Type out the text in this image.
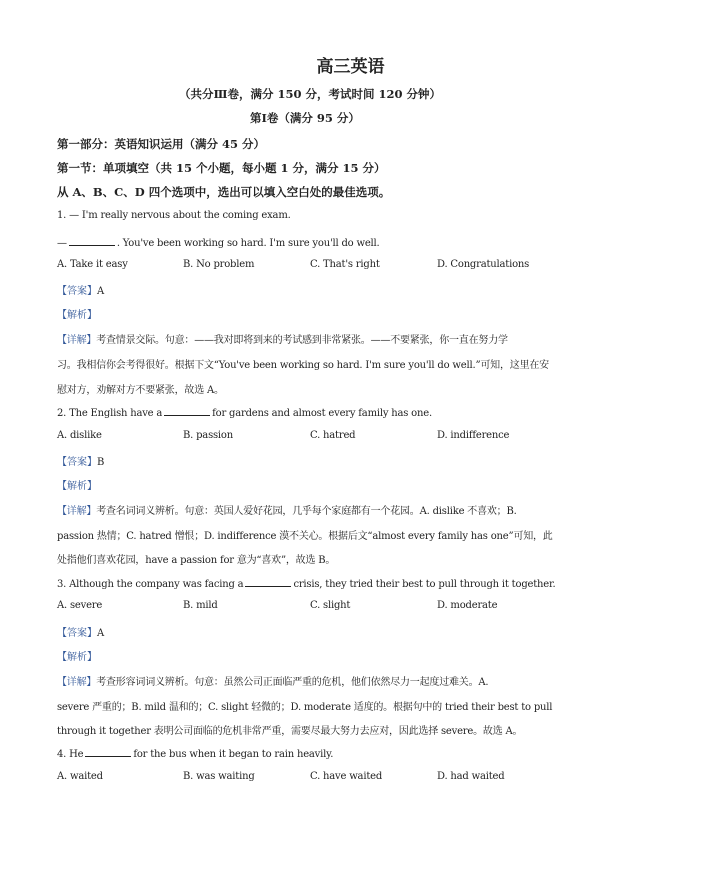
高三英语
（共分Ⅲ卷，满分 150 分，考试时间 120 分钟）
第Ⅰ卷（满分 95 分）
第一部分：英语知识运用（满分 45 分）
第一节：单项填空（共 15 个小题，每小题 1 分，满分 15 分）
从 A、B、C、D 四个选项中，选出可以填入空白处的最佳选项。
1. — I'm really nervous about the coming exam.
—	. You've been working so hard. I'm sure you'll do well.
A. Take it easy	B. No problem	C. That's right	D. Congratulations
【答案】A
【解析】
【详解】考查情景交际。句意：——我对即将到来的考试感到非常紧张。——不要紧张，你一直在努力学
习。我相信你会考得很好。根据下文“You've been working so hard. I'm sure you'll do well.”可知，这里在安
慰对方，劝解对方不要紧张，故选 A。
2. The English have a	for gardens and almost every family has one.
A. dislike	B. passion	C. hatred	D. indifference
【答案】B
【解析】
【详解】考查名词词义辨析。句意：英国人爱好花园，几乎每个家庭都有一个花园。A. dislike 不喜欢；B.
passion 热情；C. hatred 憎恨；D. indifference 漠不关心。根据后文“almost every family has one”可知，此
处指他们喜欢花园，have a passion for 意为“喜欢”，故选 B。
3. Although the company was facing a	crisis, they tried their best to pull through it together.
A. severe	B. mild	C. slight	D. moderate
【答案】A
【解析】
【详解】考查形容词词义辨析。句意：虽然公司正面临严重的危机，他们依然尽力一起度过难关。A.
severe 严重的；B. mild 温和的；C. slight 轻微的；D. moderate 适度的。根据句中的 tried their best to pull
through it together 表明公司面临的危机非常严重，需要尽最大努力去应对，因此选择 severe。故选 A。
4. He	for the bus when it began to rain heavily.
A. waited	B. was waiting	C. have waited	D. had waited
